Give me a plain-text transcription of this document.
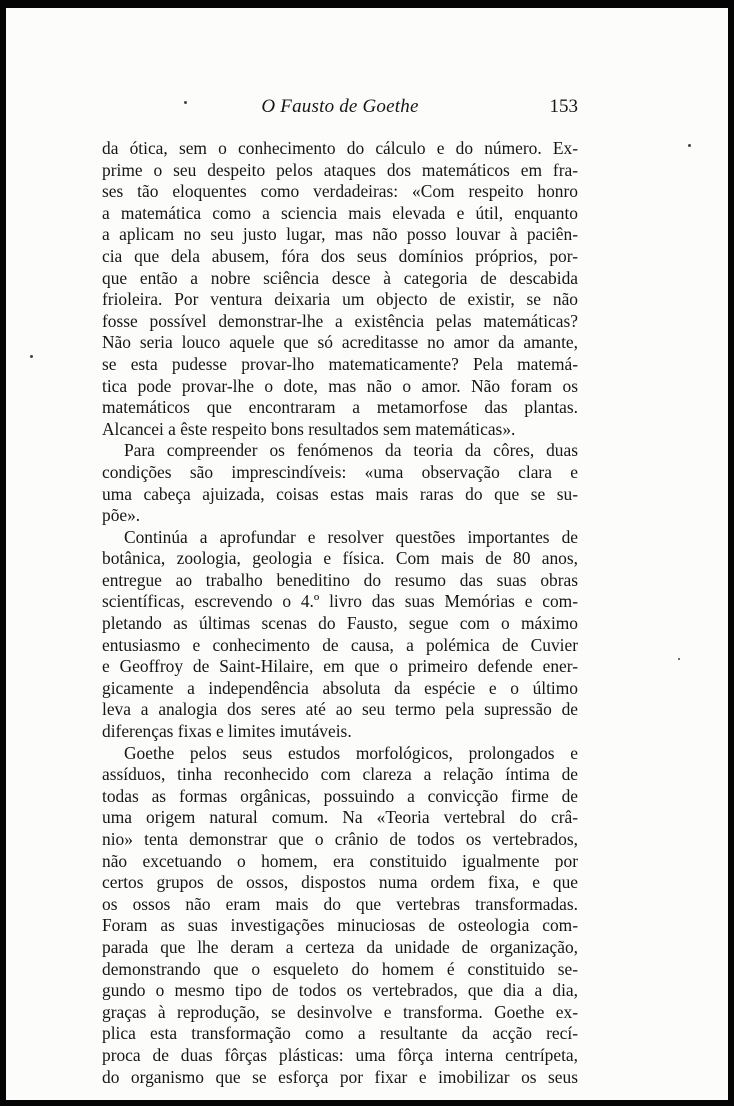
O Fausto de Goethe	153
da ótica, sem o conhecimento do cálculo e do número. Ex-
prime o seu despeito pelos ataques dos matemáticos em fra-
ses tão eloquentes como verdadeiras: «Com respeito honro
a matemática como a sciencia mais elevada e útil, enquanto
a aplicam no seu justo lugar, mas não posso louvar à paciên-
cia que dela abusem, fóra dos seus domínios próprios, por-
que então a nobre sciência desce à categoria de descabida
frioleira. Por ventura deixaria um objecto de existir, se não
fosse possível demonstrar-lhe a existência pelas matemáticas?
Não seria louco aquele que só acreditasse no amor da amante,
se esta pudesse provar-lho matematicamente? Pela matemá-
tica pode provar-lhe o dote, mas não o amor. Não foram os
matemáticos que encontraram a metamorfose das plantas.
Alcancei a êste respeito bons resultados sem matemáticas».
Para compreender os fenómenos da teoria da côres, duas
condições são imprescindíveis: «uma observação clara e
uma cabeça ajuizada, coisas estas mais raras do que se su-
põe».
Continúa a aprofundar e resolver questões importantes de
botânica, zoologia, geologia e física. Com mais de 80 anos,
entregue ao trabalho beneditino do resumo das suas obras
scientíficas, escrevendo o 4.º livro das suas Memórias e com-
pletando as últimas scenas do Fausto, segue com o máximo
entusiasmo e conhecimento de causa, a polémica de Cuvier
e Geoffroy de Saint-Hilaire, em que o primeiro defende ener-
gicamente a independência absoluta da espécie e o último
leva a analogia dos seres até ao seu termo pela supressão de
diferenças fixas e limites imutáveis.
Goethe pelos seus estudos morfológicos, prolongados e
assíduos, tinha reconhecido com clareza a relação íntima de
todas as formas orgânicas, possuindo a convicção firme de
uma origem natural comum. Na «Teoria vertebral do crâ-
nio» tenta demonstrar que o crânio de todos os vertebrados,
não excetuando o homem, era constituido igualmente por
certos grupos de ossos, dispostos numa ordem fixa, e que
os ossos não eram mais do que vertebras transformadas.
Foram as suas investigações minuciosas de osteologia com-
parada que lhe deram a certeza da unidade de organização,
demonstrando que o esqueleto do homem é constituido se-
gundo o mesmo tipo de todos os vertebrados, que dia a dia,
graças à reprodução, se desinvolve e transforma. Goethe ex-
plica esta transformação como a resultante da acção recí-
proca de duas fôrças plásticas: uma fôrça interna centrípeta,
do organismo que se esforça por fixar e imobilizar os seus
